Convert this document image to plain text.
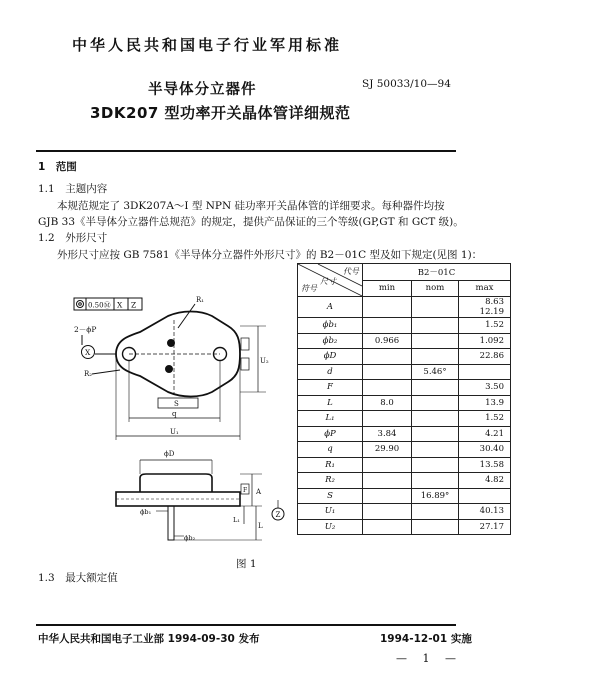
中华人民共和国电子行业军用标准
半导体分立器件	SJ 50033/10—94
3DK207 型功率开关晶体管详细规范
1　范围
1.1　主题内容
本规范规定了 3DK207A～I 型 NPN 硅功率开关晶体管的详细要求。每种器件均按
GJB 33《半导体分立器件总规范》的规定，提供产品保证的三个等级(GP,GT 和 GCT 级)。
1.2　外形尺寸
外形尺寸应按 GB 7581《半导体分立器件外形尺寸》的 B2－01C 型及如下规定(见图 1)：
0.50Ⓜ X Z
2－ϕP
X
R₂
R₁
U₂
S
q
U₁
ϕD
ϕb₁
ϕb₂
A
F
L₁
L
Z
图 1
代号
尺寸
符号	B2－01C		
	min	nom	max
A			8.63
12.19
ϕb₁			1.52
ϕb₂	0.966		1.092
ϕD			22.86
d		5.46°	
F			3.50
L	8.0		13.9
L₁			1.52
ϕP	3.84		4.21
q	29.90		30.40
R₁			13.58
R₂			4.82
S		16.89°	
U₁			40.13
U₂			27.17
1.3　最大额定值
中华人民共和国电子工业部 1994-09-30 发布	1994-12-01 实施
— 1 —
